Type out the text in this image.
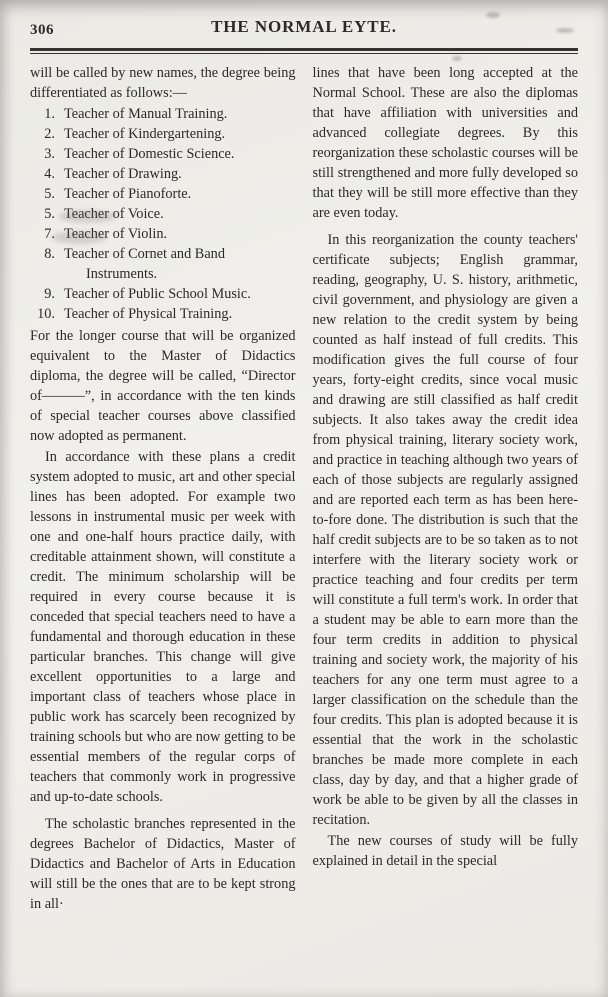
306	THE NORMAL EYTE.

will be called by new names, the degree being differentiated as follows:—

1. Teacher of Manual Training.
2. Teacher of Kindergartening.
3. Teacher of Domestic Science.
4. Teacher of Drawing.
5. Teacher of Pianoforte.
5. Teacher of Voice.
7. Teacher of Violin.
8. Teacher of Cornet and Band Instruments.
9. Teacher of Public School Music.
10. Teacher of Physical Training.

For the longer course that will be organized equivalent to the Master of Didactics diploma, the degree will be called, “Director of———”, in accordance with the ten kinds of special teacher courses above classified now adopted as permanent.

In accordance with these plans a credit system adopted to music, art and other special lines has been adopted. For example two lessons in instrumental music per week with one and one-half hours practice daily, with creditable attainment shown, will constitute a credit. The minimum scholarship will be required in every course because it is conceded that special teachers need to have a fundamental and thorough education in these particular branches. This change will give excellent opportunities to a large and important class of teachers whose place in public work has scarcely been recognized by training schools but who are now getting to be essential members of the regular corps of teachers that commonly work in progressive and up-to-date schools.

The scholastic branches represented in the degrees Bachelor of Didactics, Master of Didactics and Bachelor of Arts in Education will still be the ones that are to be kept strong in all·

lines that have been long accepted at the Normal School. These are also the diplomas that have affiliation with universities and advanced collegiate degrees. By this reorganization these scholastic courses will be still strengthened and more fully developed so that they will be still more effective than they are even today.

In this reorganization the county teachers' certificate subjects; English grammar, reading, geography, U. S. history, arithmetic, civil government, and physiology are given a new relation to the credit system by being counted as half instead of full credits. This modification gives the full course of four years, forty-eight credits, since vocal music and drawing are still classified as half credit subjects. It also takes away the credit idea from physical training, literary society work, and practice in teaching although two years of each of those subjects are regularly assigned and are reported each term as has been here-to-fore done. The distribution is such that the half credit subjects are to be so taken as to not interfere with the literary society work or practice teaching and four credits per term will constitute a full term's work. In order that a student may be able to earn more than the four term credits in addition to physical training and society work, the majority of his teachers for any one term must agree to a larger classification on the schedule than the four credits. This plan is adopted because it is essential that the work in the scholastic branches be made more complete in each class, day by day, and that a higher grade of work be able to be given by all the classes in recitation.

The new courses of study will be fully explained in detail in the special
